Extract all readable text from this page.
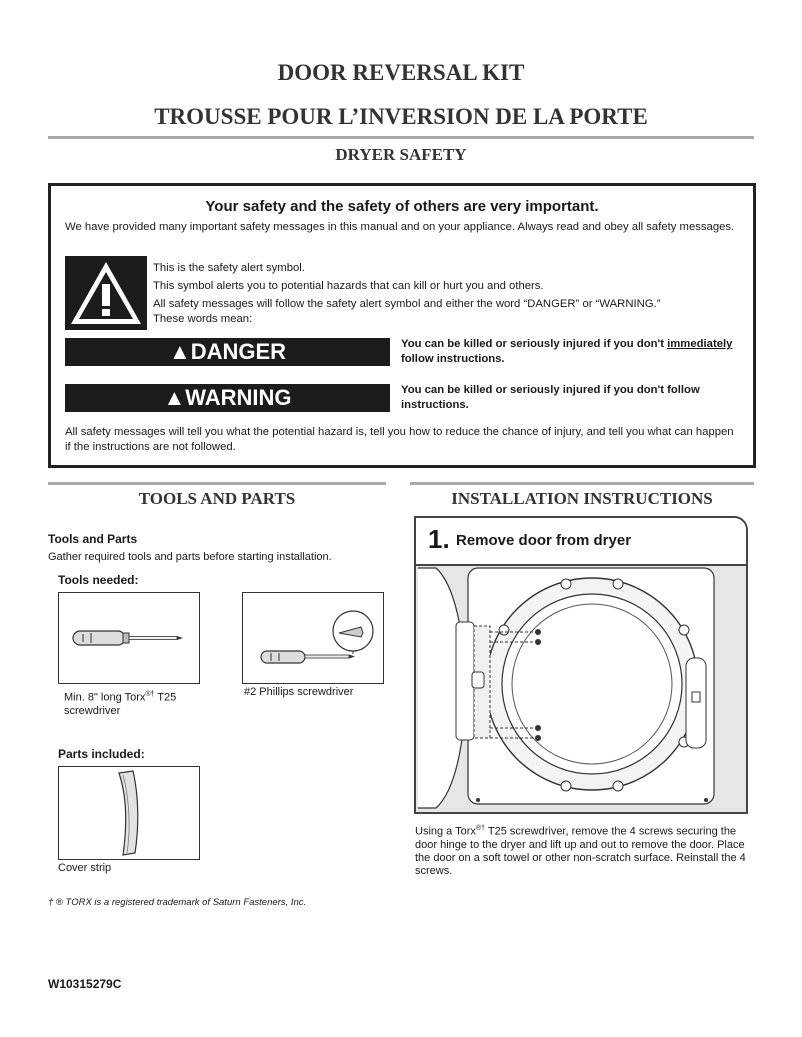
DOOR REVERSAL KIT
TROUSSE POUR L’INVERSION DE LA PORTE
DRYER SAFETY
Your safety and the safety of others are very important.
We have provided many important safety messages in this manual and on your appliance. Always read and obey all safety messages.
This is the safety alert symbol.
This symbol alerts you to potential hazards that can kill or hurt you and others.
All safety messages will follow the safety alert symbol and either the word “DANGER” or “WARNING.”
These words mean:
▲DANGER	You can be killed or seriously injured if you don't immediately follow instructions.
▲WARNING	You can be killed or seriously injured if you don't follow instructions.
All safety messages will tell you what the potential hazard is, tell you how to reduce the chance of injury, and tell you what can happen if the instructions are not followed.
TOOLS AND PARTS
Tools and Parts
Gather required tools and parts before starting installation.
Tools needed:
Min. 8" long Torx®† T25 screwdriver
#2 Phillips screwdriver
Parts included:
Cover strip
† ® TORX is a registered trademark of Saturn Fasteners, Inc.
INSTALLATION INSTRUCTIONS
1. Remove door from dryer
Using a Torx®† T25 screwdriver, remove the 4 screws securing the door hinge to the dryer and lift up and out to remove the door. Place the door on a soft towel or other non-scratch surface. Reinstall the 4 screws.
W10315279C
